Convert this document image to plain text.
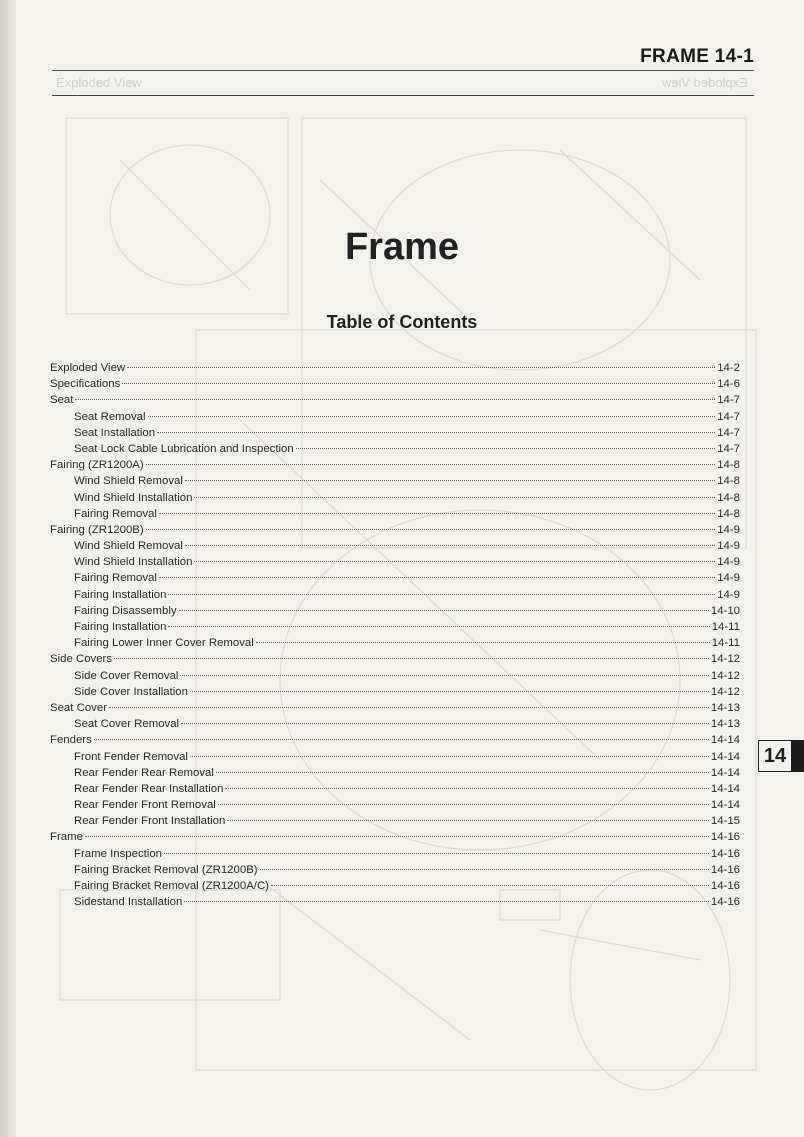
FRAME 14-1
Exploded View	Exploded View
Frame
Table of Contents
Exploded View	14-2
Specifications	14-6
Seat	14-7
Seat Removal	14-7
Seat Installation	14-7
Seat Lock Cable Lubrication and Inspection	14-7
Fairing (ZR1200A)	14-8
Wind Shield Removal	14-8
Wind Shield Installation	14-8
Fairing Removal	14-8
Fairing (ZR1200B)	14-9
Wind Shield Removal	14-9
Wind Shield Installation	14-9
Fairing Removal	14-9
Fairing Installation	14-9
Fairing Disassembly	14-10
Fairing Installation	14-11
Fairing Lower Inner Cover Removal	14-11
Side Covers	14-12
Side Cover Removal	14-12
Side Cover Installation	14-12
Seat Cover	14-13
Seat Cover Removal	14-13
Fenders	14-14
Front Fender Removal	14-14
Rear Fender Rear Removal	14-14
Rear Fender Rear Installation	14-14
Rear Fender Front Removal	14-14
Rear Fender Front Installation	14-15
Frame	14-16
Frame Inspection	14-16
Fairing Bracket Removal (ZR1200B)	14-16
Fairing Bracket Removal (ZR1200A/C)	14-16
Sidestand Installation	14-16
14
